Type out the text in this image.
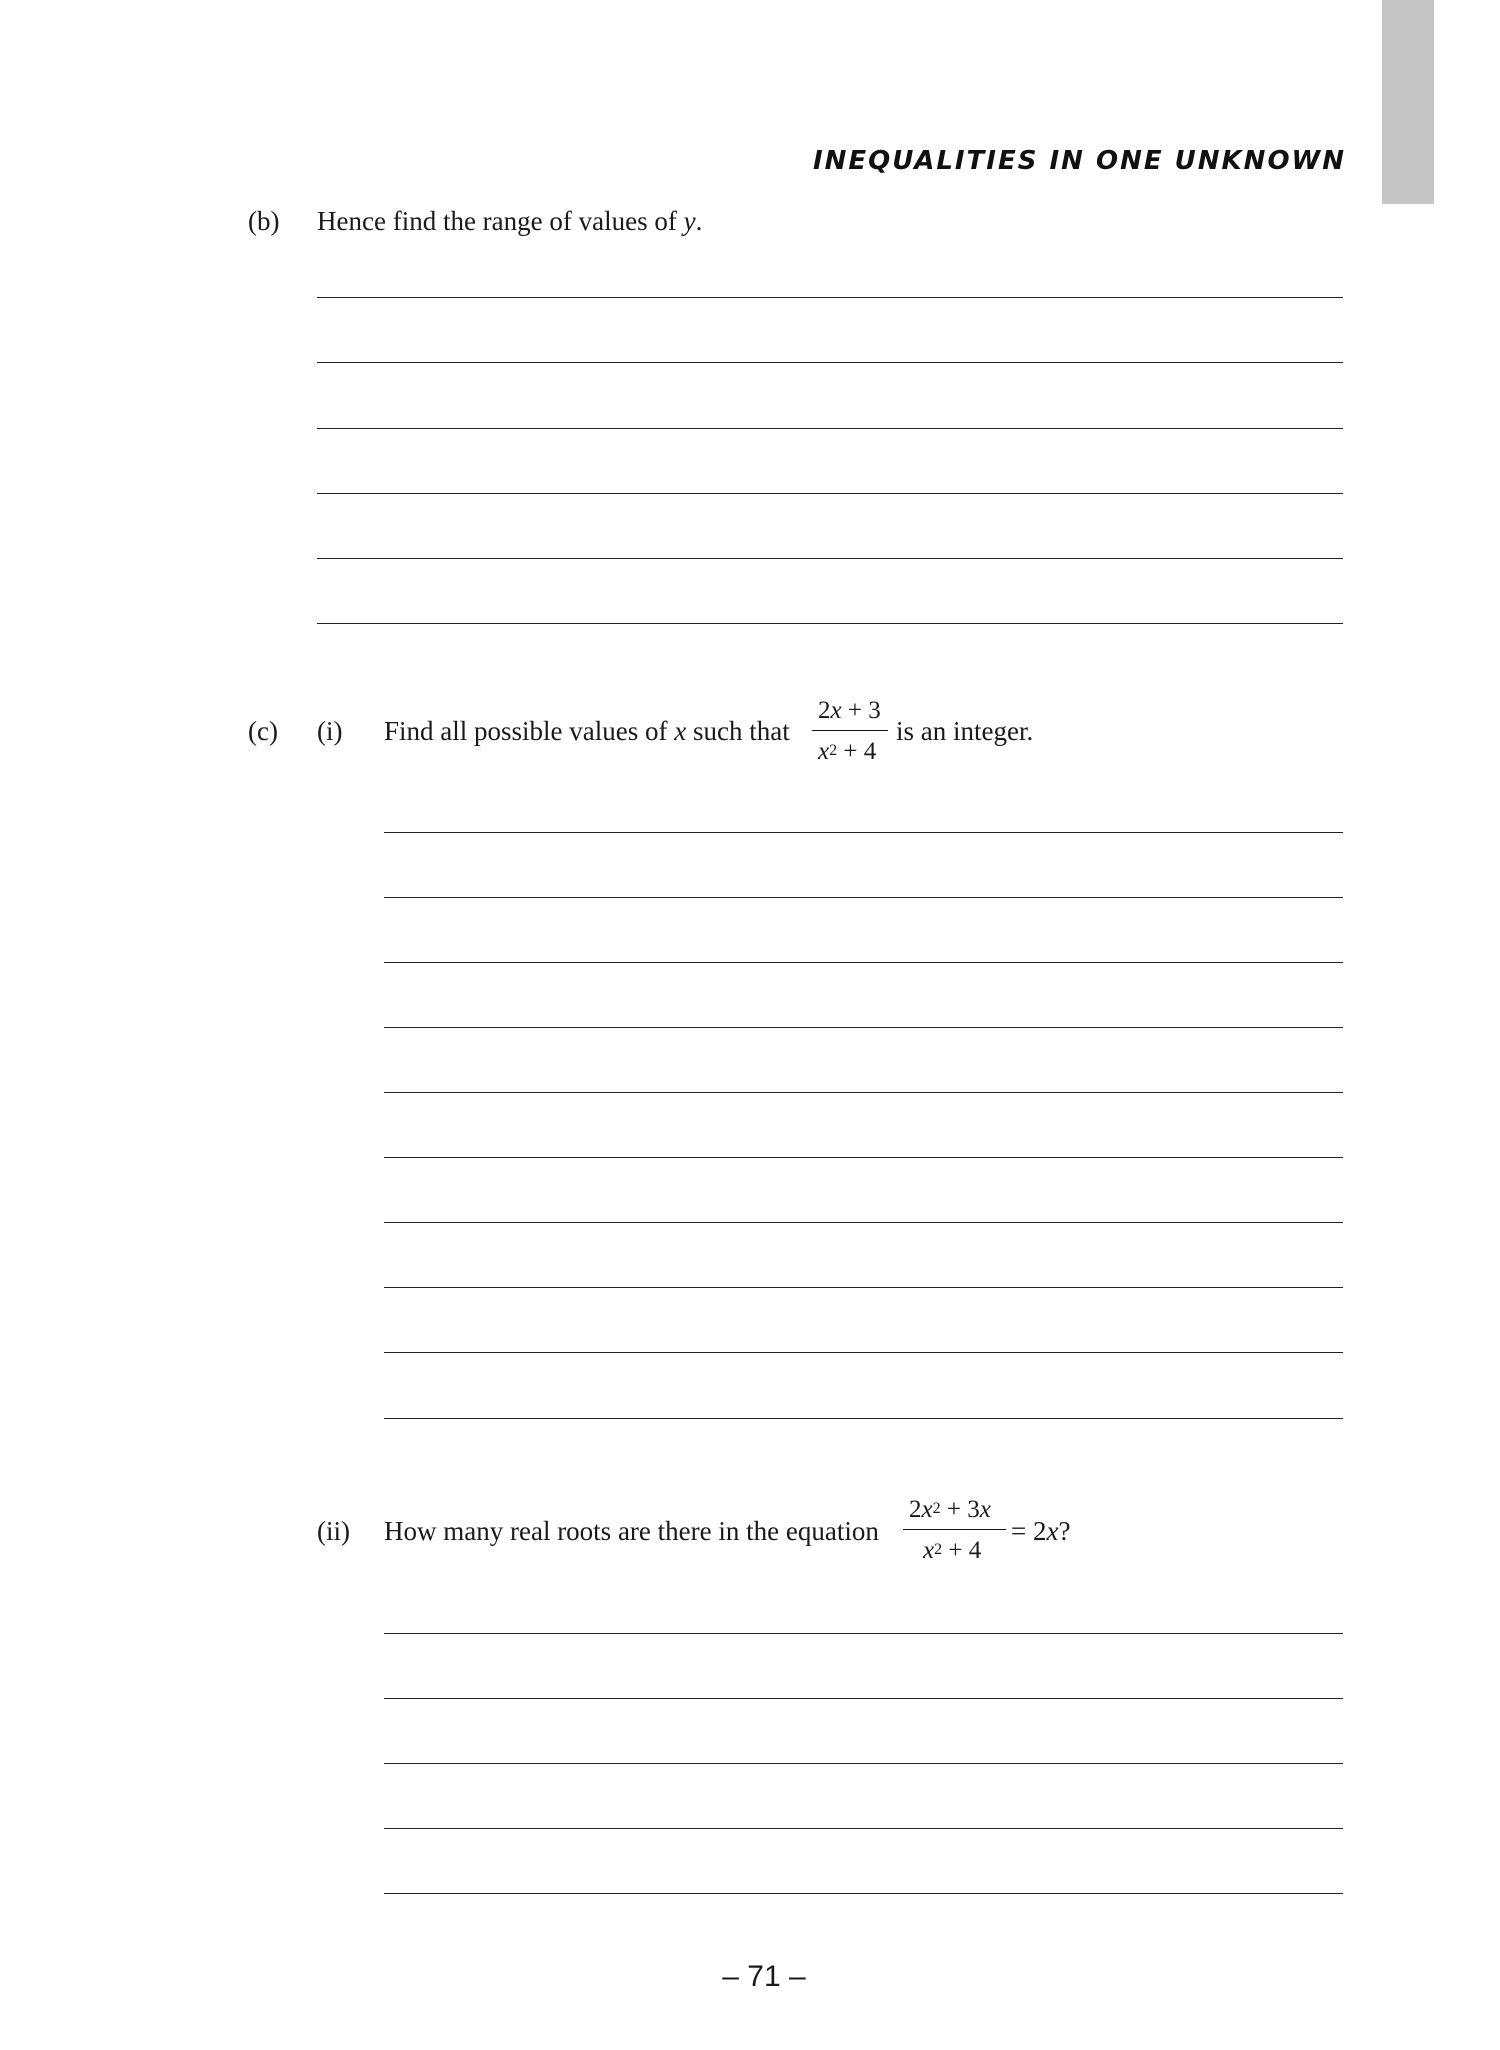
INEQUALITIES IN ONE UNKNOWN
(b) Hence find the range of values of y.
(c) (i) Find all possible values of x such that
2x + 3
$x^2 + 4$
is an integer.
(ii) How many real roots are there in the equation
$2x^2 + 3x$
$x^2 + 4$
= 2x?
– 71 –
